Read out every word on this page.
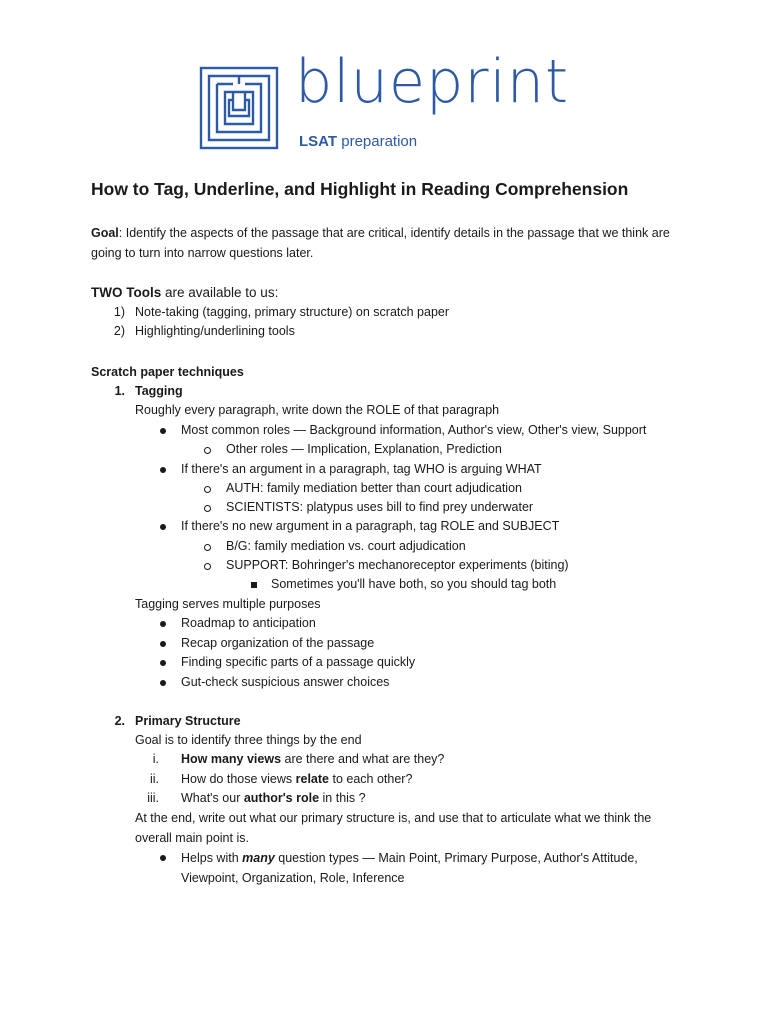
blueprint
LSAT preparation
How to Tag, Underline, and Highlight in Reading Comprehension
Goal: Identify the aspects of the passage that are critical, identify details in the passage that we think are going to turn into narrow questions later.
TWO Tools are available to us:
1) Note-taking (tagging, primary structure) on scratch paper
2) Highlighting/underlining tools
Scratch paper techniques
1. Tagging
Roughly every paragraph, write down the ROLE of that paragraph
Most common roles — Background information, Author's view, Other's view, Support
Other roles — Implication, Explanation, Prediction
If there's an argument in a paragraph, tag WHO is arguing WHAT
AUTH: family mediation better than court adjudication
SCIENTISTS: platypus uses bill to find prey underwater
If there's no new argument in a paragraph, tag ROLE and SUBJECT
B/G: family mediation vs. court adjudication
SUPPORT: Bohringer's mechanoreceptor experiments (biting)
Sometimes you'll have both, so you should tag both
Tagging serves multiple purposes
Roadmap to anticipation
Recap organization of the passage
Finding specific parts of a passage quickly
Gut-check suspicious answer choices
2. Primary Structure
Goal is to identify three things by the end
i. How many views are there and what are they?
ii. How do those views relate to each other?
iii. What's our author's role in this ?
At the end, write out what our primary structure is, and use that to articulate what we think the overall main point is.
Helps with many question types — Main Point, Primary Purpose, Author's Attitude, Viewpoint, Organization, Role, Inference
